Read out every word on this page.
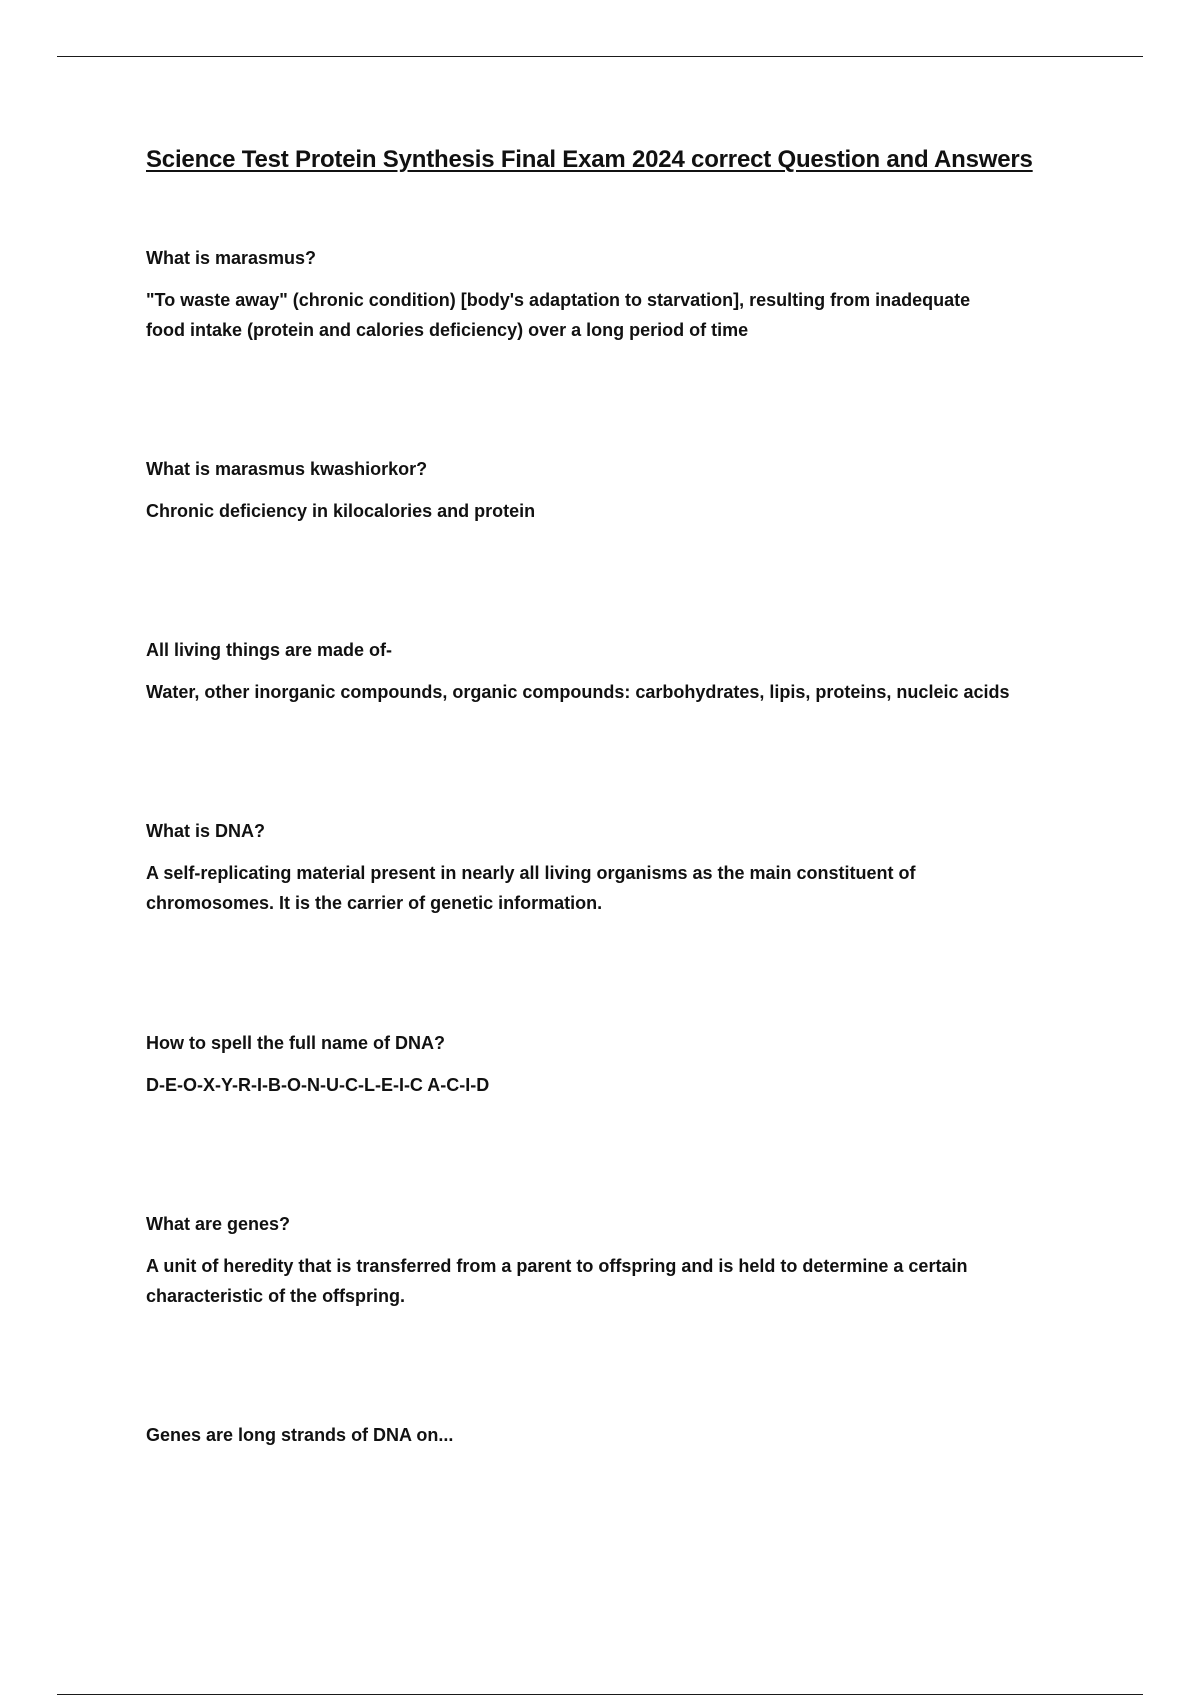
Science Test Protein Synthesis Final Exam 2024 correct Question and Answers

What is marasmus?

"To waste away" (chronic condition) [body's adaptation to starvation], resulting from inadequate
food intake (protein and calories deficiency) over a long period of time

What is marasmus kwashiorkor?

Chronic deficiency in kilocalories and protein

All living things are made of-

Water, other inorganic compounds, organic compounds: carbohydrates, lipis, proteins, nucleic acids

What is DNA?

A self-replicating material present in nearly all living organisms as the main constituent of
chromosomes. It is the carrier of genetic information.

How to spell the full name of DNA?

D-E-O-X-Y-R-I-B-O-N-U-C-L-E-I-C A-C-I-D

What are genes?

A unit of heredity that is transferred from a parent to offspring and is held to determine a certain
characteristic of the offspring.

Genes are long strands of DNA on...
